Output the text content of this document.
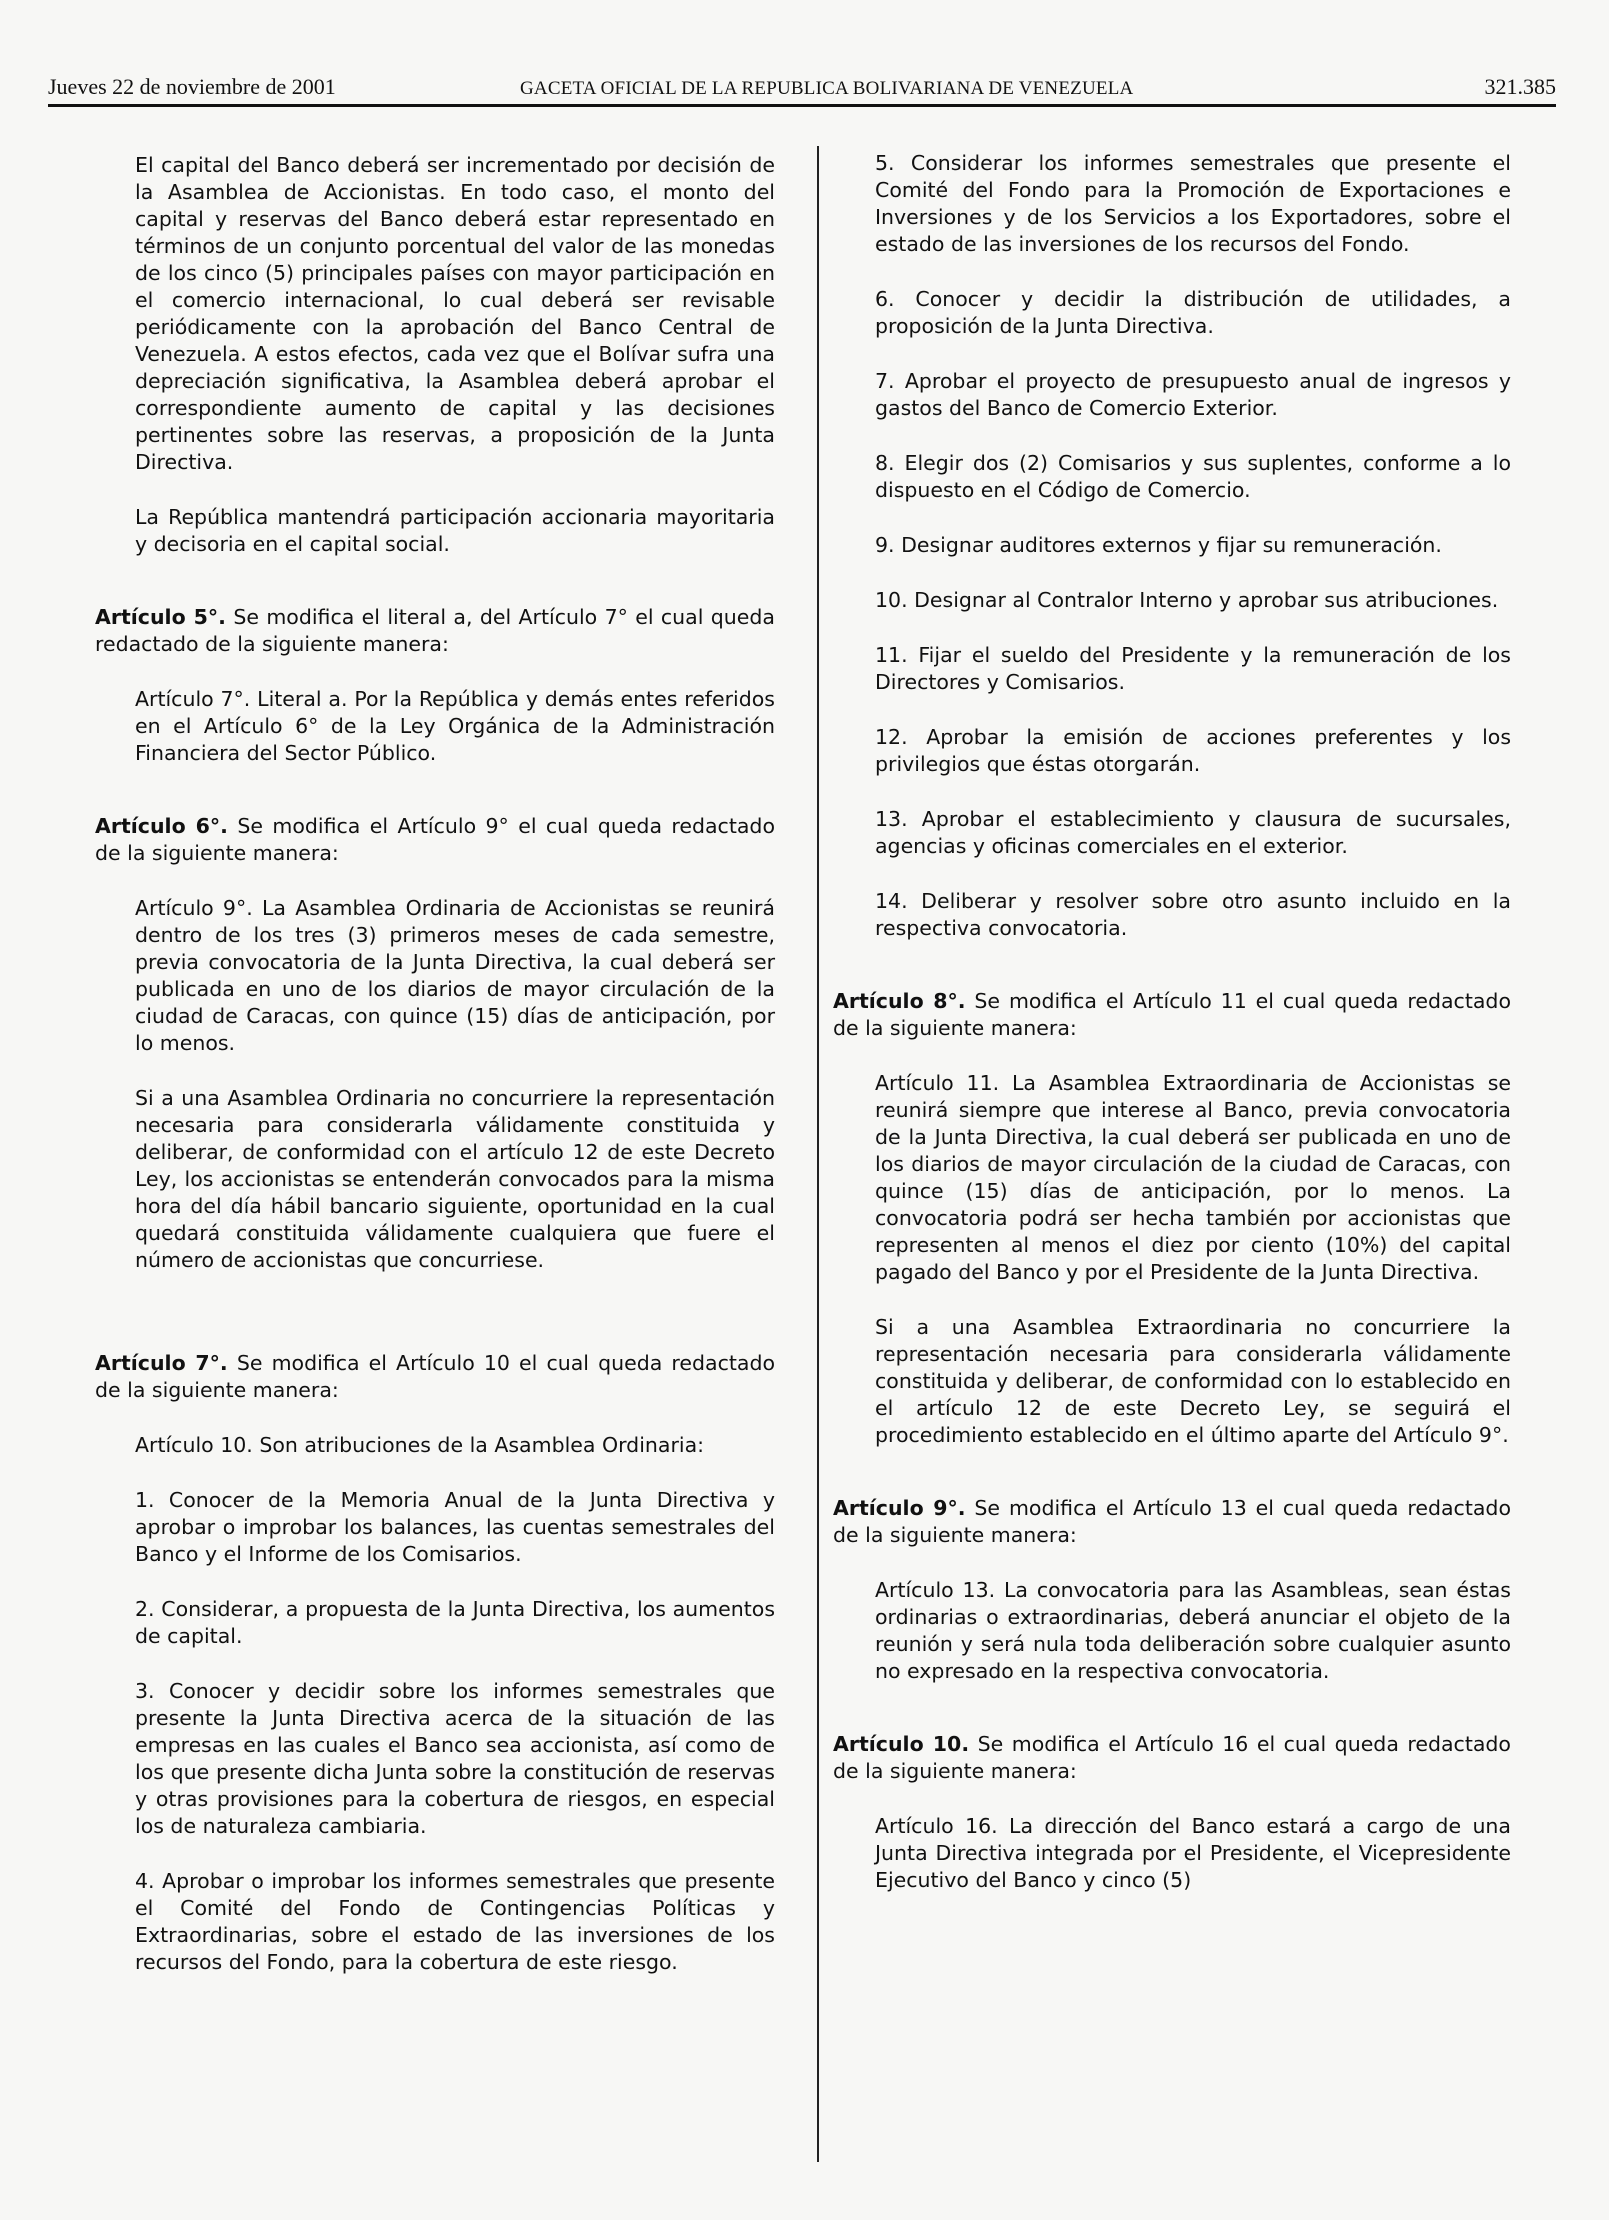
Jueves 22 de noviembre de 2001	GACETA OFICIAL DE LA REPUBLICA BOLIVARIANA DE VENEZUELA	321.385

El capital del Banco deberá ser incrementado por decisión de la Asamblea de Accionistas. En todo caso, el monto del capital y reservas del Banco deberá estar representado en términos de un conjunto porcentual del valor de las monedas de los cinco (5) principales países con mayor participación en el comercio internacional, lo cual deberá ser revisable periódicamente con la aprobación del Banco Central de Venezuela. A estos efectos, cada vez que el Bolívar sufra una depreciación significativa, la Asamblea deberá aprobar el correspondiente aumento de capital y las decisiones pertinentes sobre las reservas, a proposición de la Junta Directiva.

La República mantendrá participación accionaria mayoritaria y decisoria en el capital social.

Artículo 5°. Se modifica el literal a, del Artículo 7° el cual queda redactado de la siguiente manera:

Artículo 7°. Literal a. Por la República y demás entes referidos en el Artículo 6° de la Ley Orgánica de la Administración Financiera del Sector Público.

Artículo 6°. Se modifica el Artículo 9° el cual queda redactado de la siguiente manera:

Artículo 9°. La Asamblea Ordinaria de Accionistas se reunirá dentro de los tres (3) primeros meses de cada semestre, previa convocatoria de la Junta Directiva, la cual deberá ser publicada en uno de los diarios de mayor circulación de la ciudad de Caracas, con quince (15) días de anticipación, por lo menos.

Si a una Asamblea Ordinaria no concurriere la representación necesaria para considerarla válidamente constituida y deliberar, de conformidad con el artículo 12 de este Decreto Ley, los accionistas se entenderán convocados para la misma hora del día hábil bancario siguiente, oportunidad en la cual quedará constituida válidamente cualquiera que fuere el número de accionistas que concurriese.

Artículo 7°. Se modifica el Artículo 10 el cual queda redactado de la siguiente manera:

Artículo 10. Son atribuciones de la Asamblea Ordinaria:

1. Conocer de la Memoria Anual de la Junta Directiva y aprobar o improbar los balances, las cuentas semestrales del Banco y el Informe de los Comisarios.

2. Considerar, a propuesta de la Junta Directiva, los aumentos de capital.

3. Conocer y decidir sobre los informes semestrales que presente la Junta Directiva acerca de la situación de las empresas en las cuales el Banco sea accionista, así como de los que presente dicha Junta sobre la constitución de reservas y otras provisiones para la cobertura de riesgos, en especial los de naturaleza cambiaria.

4. Aprobar o improbar los informes semestrales que presente el Comité del Fondo de Contingencias Políticas y Extraordinarias, sobre el estado de las inversiones de los recursos del Fondo, para la cobertura de este riesgo.

5. Considerar los informes semestrales que presente el Comité del Fondo para la Promoción de Exportaciones e Inversiones y de los Servicios a los Exportadores, sobre el estado de las inversiones de los recursos del Fondo.

6. Conocer y decidir la distribución de utilidades, a proposición de la Junta Directiva.

7. Aprobar el proyecto de presupuesto anual de ingresos y gastos del Banco de Comercio Exterior.

8. Elegir dos (2) Comisarios y sus suplentes, conforme a lo dispuesto en el Código de Comercio.

9. Designar auditores externos y fijar su remuneración.

10. Designar al Contralor Interno y aprobar sus atribuciones.

11. Fijar el sueldo del Presidente y la remuneración de los Directores y Comisarios.

12. Aprobar la emisión de acciones preferentes y los privilegios que éstas otorgarán.

13. Aprobar el establecimiento y clausura de sucursales, agencias y oficinas comerciales en el exterior.

14. Deliberar y resolver sobre otro asunto incluido en la respectiva convocatoria.

Artículo 8°. Se modifica el Artículo 11 el cual queda redactado de la siguiente manera:

Artículo 11. La Asamblea Extraordinaria de Accionistas se reunirá siempre que interese al Banco, previa convocatoria de la Junta Directiva, la cual deberá ser publicada en uno de los diarios de mayor circulación de la ciudad de Caracas, con quince (15) días de anticipación, por lo menos. La convocatoria podrá ser hecha también por accionistas que representen al menos el diez por ciento (10%) del capital pagado del Banco y por el Presidente de la Junta Directiva.

Si a una Asamblea Extraordinaria no concurriere la representación necesaria para considerarla válidamente constituida y deliberar, de conformidad con lo establecido en el artículo 12 de este Decreto Ley, se seguirá el procedimiento establecido en el último aparte del Artículo 9°.

Artículo 9°. Se modifica el Artículo 13 el cual queda redactado de la siguiente manera:

Artículo 13. La convocatoria para las Asambleas, sean éstas ordinarias o extraordinarias, deberá anunciar el objeto de la reunión y será nula toda deliberación sobre cualquier asunto no expresado en la respectiva convocatoria.

Artículo 10. Se modifica el Artículo 16 el cual queda redactado de la siguiente manera:

Artículo 16. La dirección del Banco estará a cargo de una Junta Directiva integrada por el Presidente, el Vicepresidente Ejecutivo del Banco y cinco (5)
